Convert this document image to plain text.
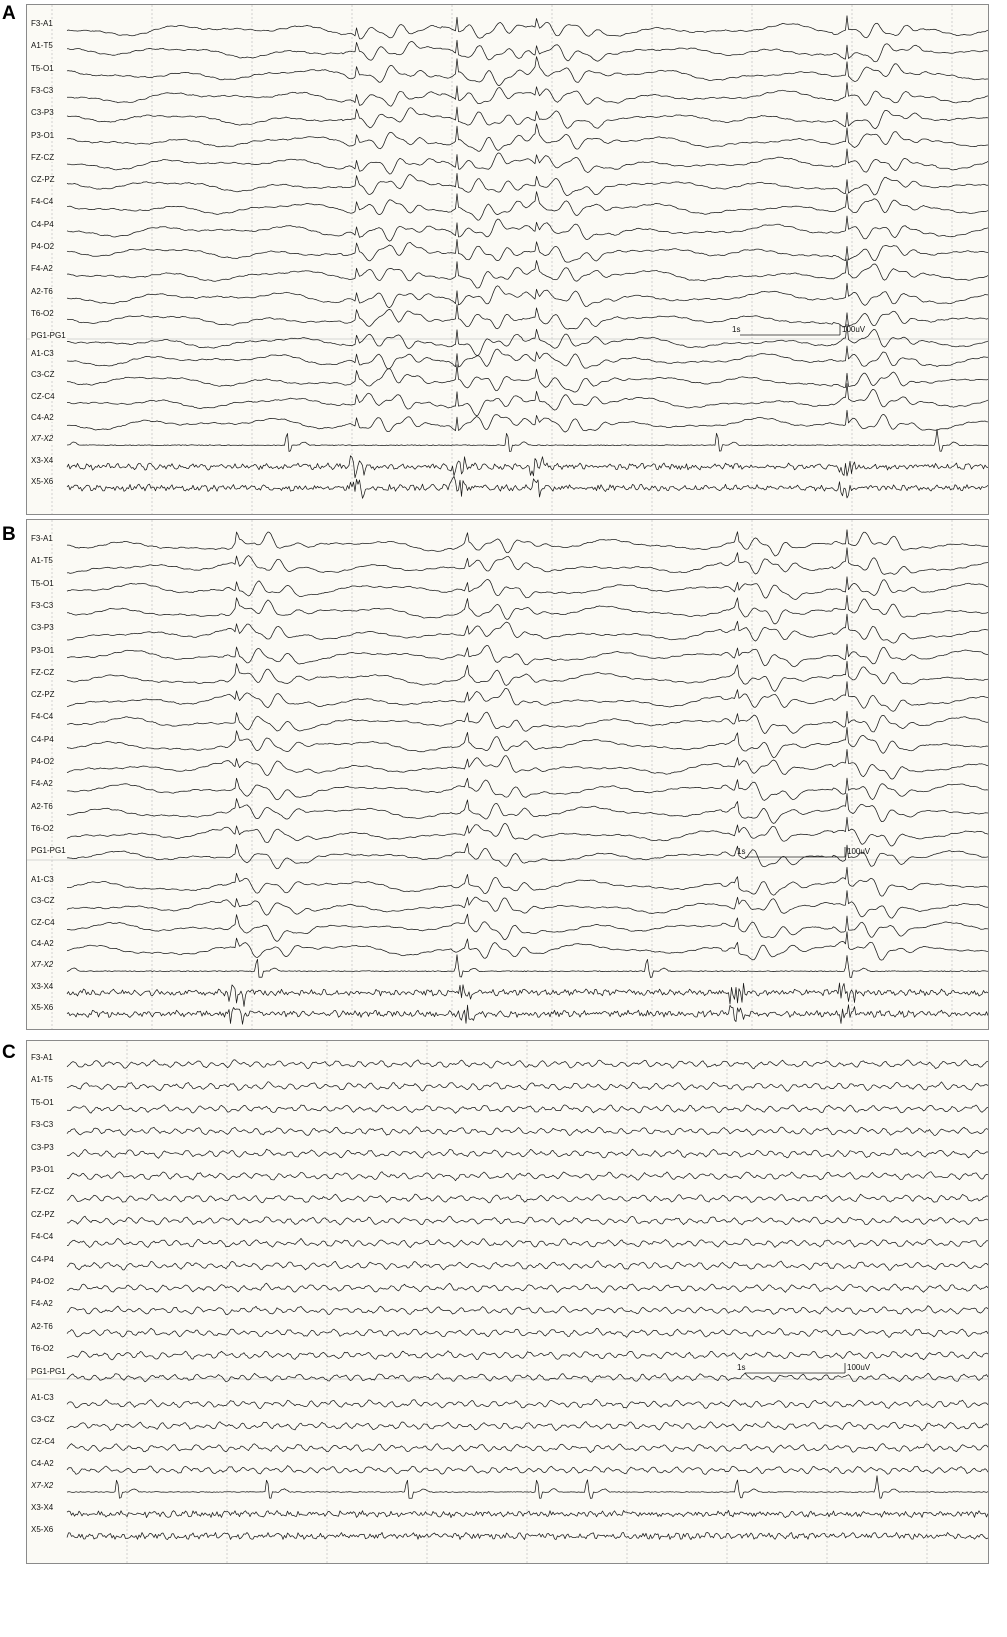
A F3-A1
A1-T5
T5-O1
F3-C3
C3-P3
P3-O1
FZ-CZ
CZ-PZ
F4-C4
C4-P4
P4-O2
F4-A2
A2-T6
T6-O2
PG1-PG1
A1-C3
C3-CZ
CZ-C4
C4-A2
X7-X2
X3-X4
X5-X6
1s	100uV
B F3-A1
A1-T5
T5-O1
F3-C3
C3-P3
P3-O1
FZ-CZ
CZ-PZ
F4-C4
C4-P4
P4-O2
F4-A2
A2-T6
T6-O2
PG1-PG1
A1-C3
C3-CZ
CZ-C4
C4-A2
X7-X2
X3-X4
X5-X6
1s	100uV
C F3-A1
A1-T5
T5-O1
F3-C3
C3-P3
P3-O1
FZ-CZ
CZ-PZ
F4-C4
C4-P4
P4-O2
F4-A2
A2-T6
T6-O2
PG1-PG1
A1-C3
C3-CZ
CZ-C4
C4-A2
X7-X2
X3-X4
X5-X6
1s	100uV
